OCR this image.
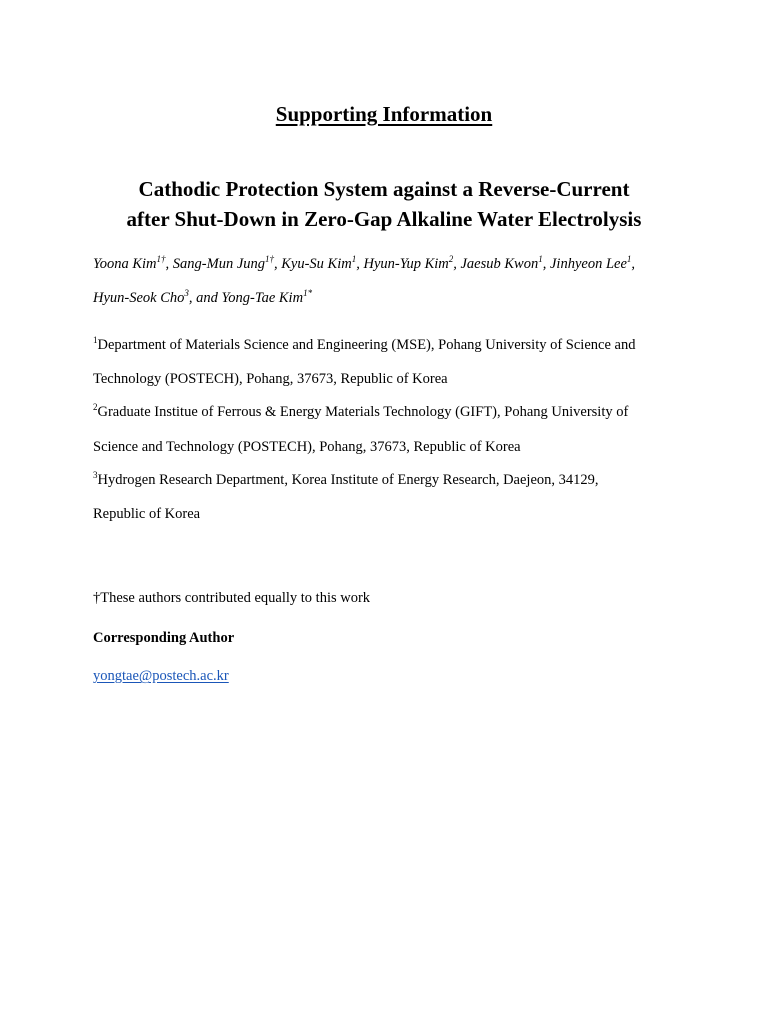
Supporting Information
Cathodic Protection System against a Reverse-Current
after Shut-Down in Zero-Gap Alkaline Water Electrolysis
Yoona Kim$^{1\dagger}$, Sang-Mun Jung$^{1\dagger}$, Kyu-Su Kim$^1$, Hyun-Yup Kim$^2$, Jaesub Kwon$^1$, Jinhyeon Lee$^1$,
Hyun-Seok Cho$^3$, and Yong-Tae Kim$^{1*}$
$^1$Department of Materials Science and Engineering (MSE), Pohang University of Science and
Technology (POSTECH), Pohang, 37673, Republic of Korea
$^2$Graduate Institue of Ferrous & Energy Materials Technology (GIFT), Pohang University of
Science and Technology (POSTECH), Pohang, 37673, Republic of Korea
$^3$Hydrogen Research Department, Korea Institute of Energy Research, Daejeon, 34129,
Republic of Korea
†These authors contributed equally to this work
Corresponding Author
yongtae@postech.ac.kr
